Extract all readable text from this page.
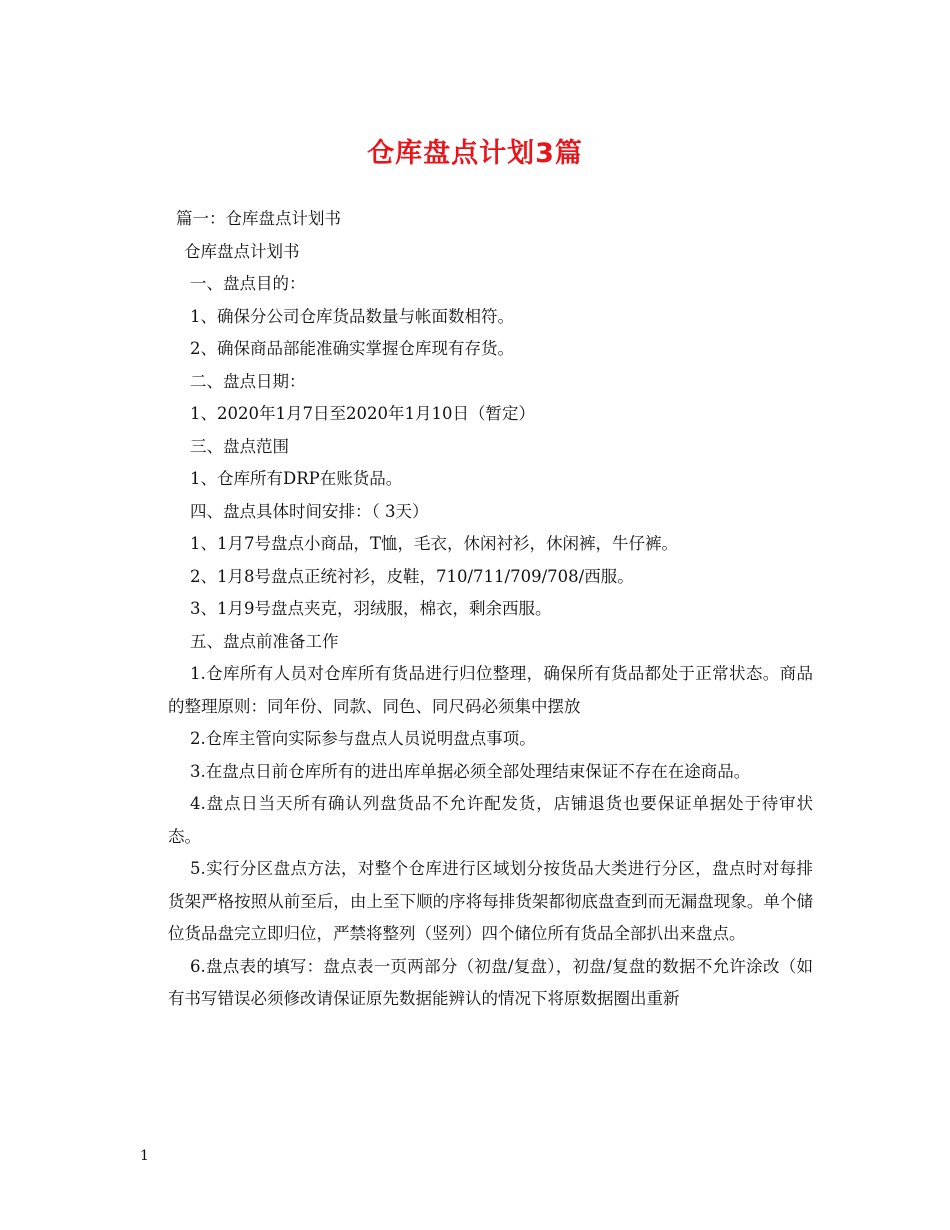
仓库盘点计划3篇

篇一：仓库盘点计划书

仓库盘点计划书

一、盘点目的：

1、确保分公司仓库货品数量与帐面数相符。

2、确保商品部能准确实掌握仓库现有存货。

二、盘点日期：

1、2020年1月7日至2020年1月10日（暂定）

三、盘点范围

1、仓库所有DRP在账货品。

四、盘点具体时间安排：（ 3天）

1、1月7号盘点小商品，T恤，毛衣，休闲衬衫，休闲裤，牛仔裤。

2、1月8号盘点正统衬衫，皮鞋，710/711/709/708/西服。

3、1月9号盘点夹克，羽绒服，棉衣，剩余西服。

五、盘点前准备工作

1.仓库所有人员对仓库所有货品进行归位整理，确保所有货品都处于正常状态。商品的整理原则：同年份、同款、同色、同尺码必须集中摆放

2.仓库主管向实际参与盘点人员说明盘点事项。

3.在盘点日前仓库所有的进出库单据必须全部处理结束保证不存在在途商品。

4.盘点日当天所有确认列盘货品不允许配发货，店铺退货也要保证单据处于待审状态。

5.实行分区盘点方法，对整个仓库进行区域划分按货品大类进行分区，盘点时对每排货架严格按照从前至后，由上至下顺的序将每排货架都彻底盘查到而无漏盘现象。单个储位货品盘完立即归位，严禁将整列（竖列）四个储位所有货品全部扒出来盘点。

6.盘点表的填写：盘点表一页两部分（初盘/复盘），初盘/复盘的数据不允许涂改（如有书写错误必须修改请保证原先数据能辨认的情况下将原数据圈出重新

1
